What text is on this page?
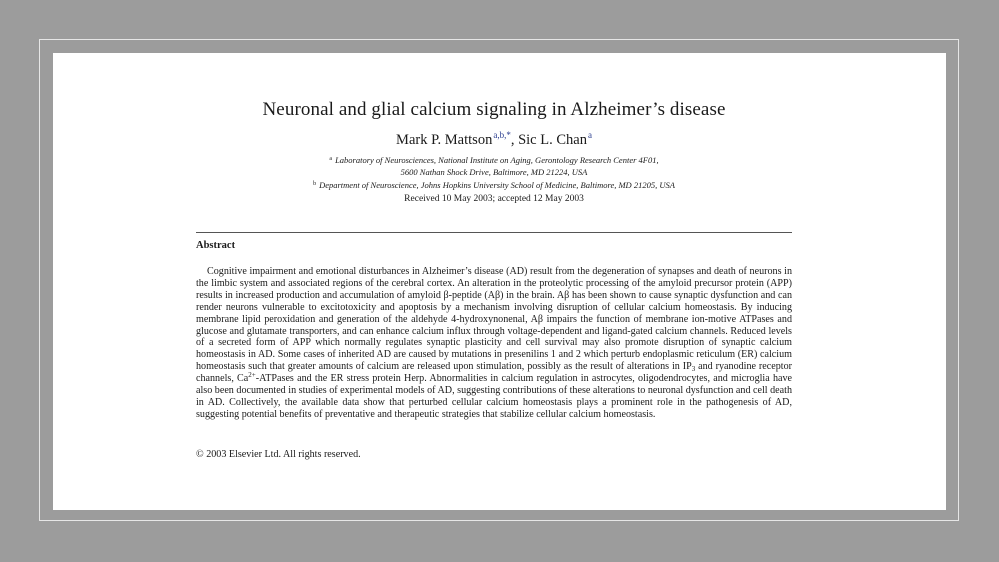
Neuronal and glial calcium signaling in Alzheimer’s disease
Mark P. Mattson$^{a,b,*}$, Sic L. Chan$^a$
$^a$ Laboratory of Neurosciences, National Institute on Aging, Gerontology Research Center 4F01,
5600 Nathan Shock Drive, Baltimore, MD 21224, USA
$^b$ Department of Neuroscience, Johns Hopkins University School of Medicine, Baltimore, MD 21205, USA
Received 10 May 2003; accepted 12 May 2003
Abstract
Cognitive impairment and emotional disturbances in Alzheimer’s disease (AD) result from the degeneration of synapses and death of neurons in the limbic system and associated regions of the cerebral cortex. An alteration in the proteolytic processing of the amyloid precursor protein (APP) results in increased production and accumulation of amyloid β-peptide (Aβ) in the brain. Aβ has been shown to cause synaptic dysfunction and can render neurons vulnerable to excitotoxicity and apoptosis by a mechanism involving disruption of cellular calcium homeostasis. By inducing membrane lipid peroxidation and generation of the aldehyde 4-hydroxynonenal, Aβ impairs the function of membrane ion-motive ATPases and glucose and glutamate transporters, and can enhance calcium influx through voltage-dependent and ligand-gated calcium channels. Reduced levels of a secreted form of APP which normally regulates synaptic plasticity and cell survival may also promote disruption of synaptic calcium homeostasis in AD. Some cases of inherited AD are caused by mutations in presenilins 1 and 2 which perturb endoplasmic reticulum (ER) calcium homeostasis such that greater amounts of calcium are released upon stimulation, possibly as the result of alterations in $IP_3$ and ryanodine receptor channels, $Ca^{2+}$-ATPases and the ER stress protein Herp. Abnormalities in calcium regulation in astrocytes, oligodendrocytes, and microglia have also been documented in studies of experimental models of AD, suggesting contributions of these alterations to neuronal dysfunction and cell death in AD. Collectively, the available data show that perturbed cellular calcium homeostasis plays a prominent role in the pathogenesis of AD, suggesting potential benefits of preventative and therapeutic strategies that stabilize cellular calcium homeostasis.
© 2003 Elsevier Ltd. All rights reserved.
